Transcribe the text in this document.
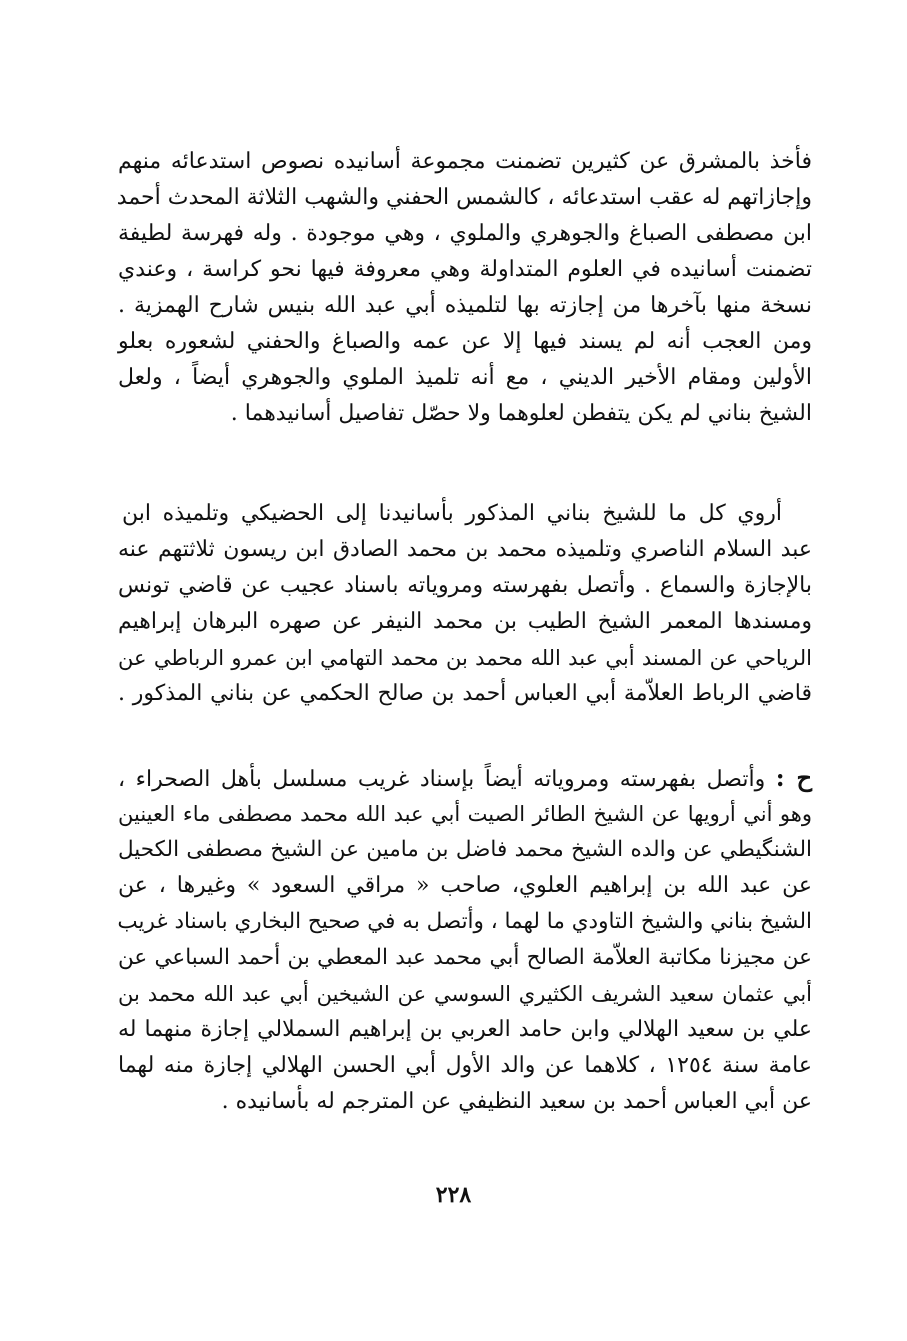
فأخذ بالمشرق عن كثيرين تضمنت مجموعة أسانيده نصوص استدعائه منهم
وإجازاتهم له عقب استدعائه ، كالشمس الحفني والشهب الثلاثة المحدث أحمد
ابن مصطفى الصباغ والجوهري والملوي ، وهي موجودة . وله فهرسة لطيفة
تضمنت أسانيده في العلوم المتداولة وهي معروفة فيها نحو كراسة ، وعندي
نسخة منها بآخرها من إجازته بها لتلميذه أبي عبد الله بنيس شارح الهمزية .
ومن العجب أنه لم يسند فيها إلا عن عمه والصباغ والحفني لشعوره بعلو
الأولين ومقام الأخير الديني ، مع أنه تلميذ الملوي والجوهري أيضاً ، ولعل
الشيخ بناني لم يكن يتفطن لعلوهما ولا حصّل تفاصيل أسانيدهما .
أروي كل ما للشيخ بناني المذكور بأسانيدنا إلى الحضيكي وتلميذه ابن
عبد السلام الناصري وتلميذه محمد بن محمد الصادق ابن ريسون ثلاثتهم عنه
بالإجازة والسماع . وأتصل بفهرسته ومروياته باسناد عجيب عن قاضي تونس
ومسندها المعمر الشيخ الطيب بن محمد النيفر عن صهره البرهان إبراهيم
الرياحي عن المسند أبي عبد الله محمد بن محمد التهامي ابن عمرو الرباطي عن
قاضي الرباط العلاّمة أبي العباس أحمد بن صالح الحكمي عن بناني المذكور .
ح : وأتصل بفهرسته ومروياته أيضاً بإسناد غريب مسلسل بأهل الصحراء ،
وهو أني أرويها عن الشيخ الطائر الصيت أبي عبد الله محمد مصطفى ماء العينين
الشنگيطي عن والده الشيخ محمد فاضل بن مامين عن الشيخ مصطفى الكحيل
عن عبد الله بن إبراهيم العلوي، صاحب « مراقي السعود » وغيرها ، عن
الشيخ بناني والشيخ التاودي ما لهما ، وأتصل به في صحيح البخاري باسناد غريب
عن مجيزنا مكاتبة العلاّمة الصالح أبي محمد عبد المعطي بن أحمد السباعي عن
أبي عثمان سعيد الشريف الكثيري السوسي عن الشيخين أبي عبد الله محمد بن
علي بن سعيد الهلالي وابن حامد العربي بن إبراهيم السملالي إجازة منهما له
عامة سنة ١٢٥٤ ، كلاهما عن والد الأول أبي الحسن الهلالي إجازة منه لهما
عن أبي العباس أحمد بن سعيد النظيفي عن المترجم له بأسانيده .
٢٢٨
